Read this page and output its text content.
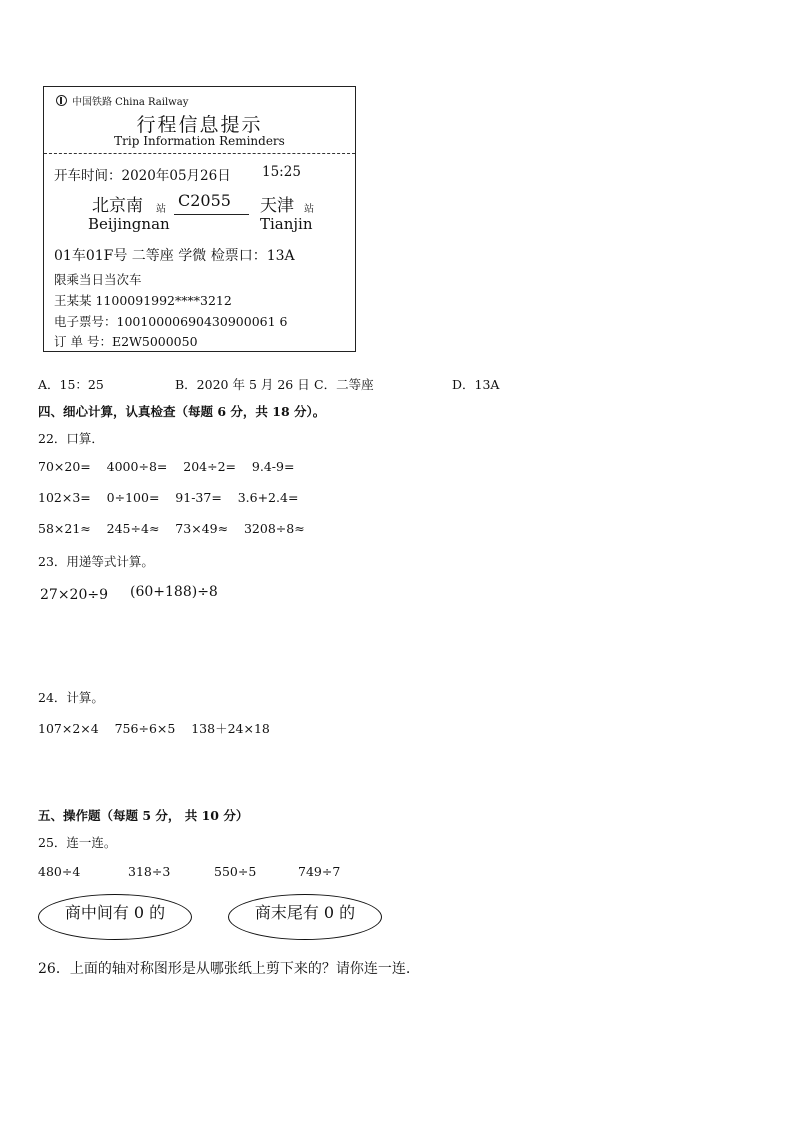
中国铁路 China Railway
行程信息提示
Trip Information Reminders
开车时间：2020年05月26日 15:25
北京南 站 C2055 天津 站
Beijingnan	Tianjin
01车01F号 二等座 学微 检票口：13A
限乘当日当次车
王某某 1100091992****3212
电子票号：10010000690430900061 6
订 单 号：E2W5000050
A．15：25	B．2020 年 5 月 26 日 C．二等座	D．13A
四、细心计算，认真检查（每题 6 分，共 18 分）。
22．口算．
70×20=    4000÷8=    204÷2=    9.4-9=
102×3=    0÷100=    91-37=    3.6+2.4=
58×21≈    245÷4≈    73×49≈    3208÷8≈
23．用递等式计算。
27×20÷9 (60+188)÷8
24．计算。
107×2×4    756÷6×5    138＋24×18
五、操作题（每题 5 分， 共 10 分）
25．连一连。
480÷4	318÷3	550÷5	749÷7
商中间有 0 的	商末尾有 0 的
26．上面的轴对称图形是从哪张纸上剪下来的？请你连一连.
